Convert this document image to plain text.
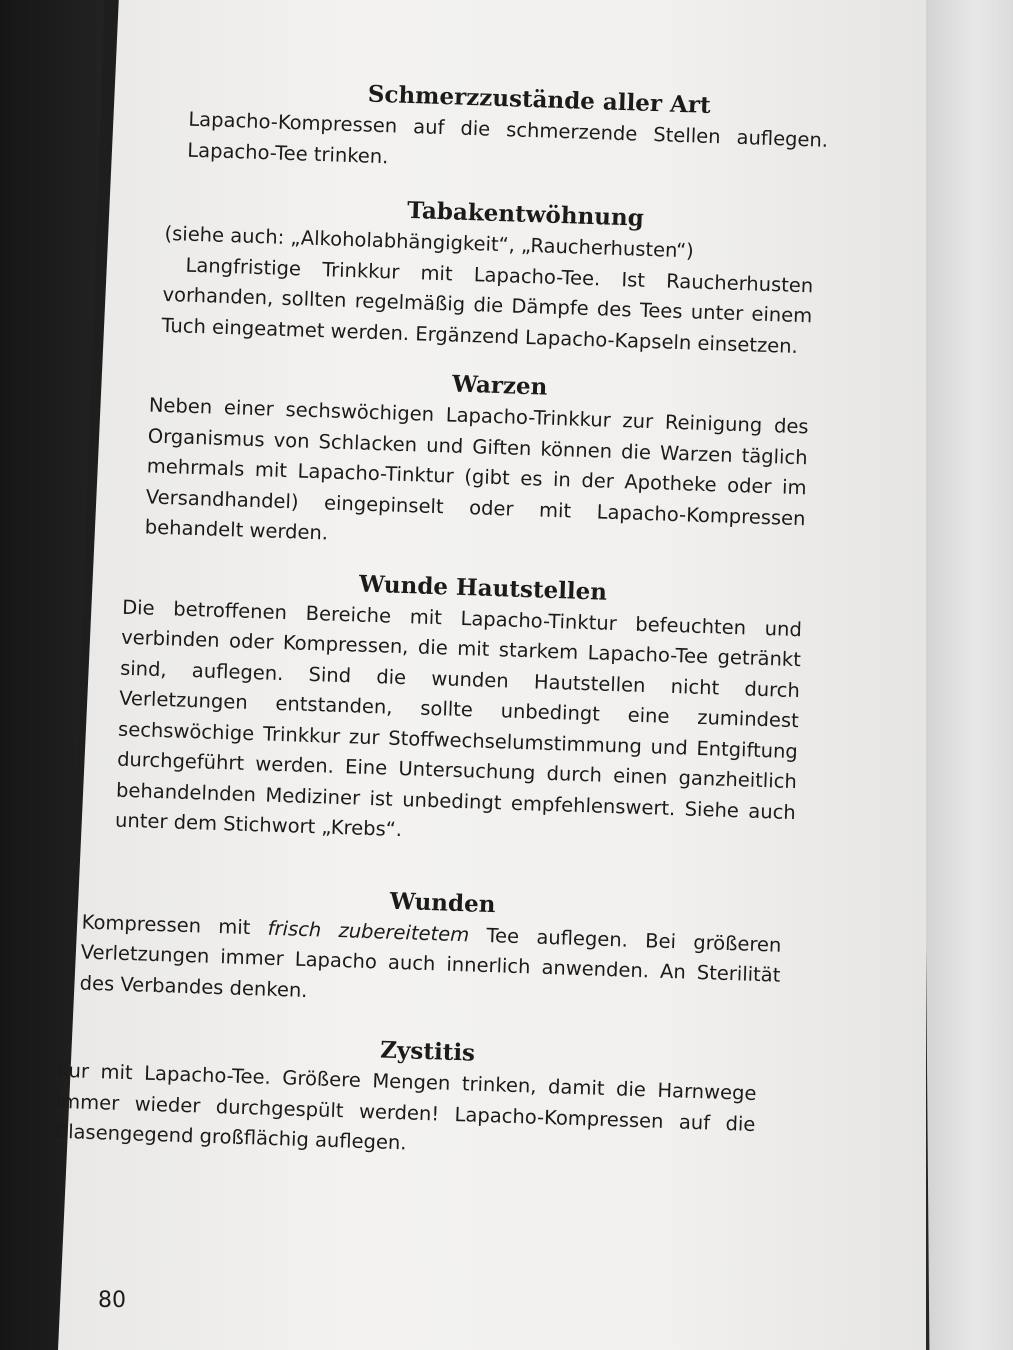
Schmerzzustände aller Art

Lapacho-Kompressen auf die schmerzende Stellen auflegen. Lapacho-Tee trinken.

Tabakentwöhnung

(siehe auch: „Alkoholabhängigkeit“, „Raucherhusten“)

Langfristige Trinkkur mit Lapacho-Tee. Ist Raucherhusten vorhanden, sollten regelmäßig die Dämpfe des Tees unter einem Tuch eingeatmet werden. Ergänzend Lapacho-Kapseln einsetzen.

Warzen

Neben einer sechswöchigen Lapacho-Trinkkur zur Reinigung des Organismus von Schlacken und Giften können die Warzen täglich mehrmals mit Lapacho-Tinktur (gibt es in der Apotheke oder im Versandhandel) eingepinselt oder mit Lapacho-Kompressen behandelt werden.

Wunde Hautstellen

Die betroffenen Bereiche mit Lapacho-Tinktur befeuchten und verbinden oder Kompressen, die mit starkem Lapacho-Tee getränkt sind, auflegen. Sind die wunden Hautstellen nicht durch Verletzungen entstanden, sollte unbedingt eine zumindest sechswöchige Trinkkur zur Stoffwechselumstimmung und Entgiftung durchgeführt werden. Eine Untersuchung durch einen ganzheitlich behandelnden Mediziner ist unbedingt empfehlenswert. Siehe auch unter dem Stichwort „Krebs“.

Wunden

Kompressen mit frisch zubereitetem Tee auflegen. Bei größeren Verletzungen immer Lapacho auch innerlich anwenden. An Sterilität des Verbandes denken.

Zystitis

Kur mit Lapacho-Tee. Größere Mengen trinken, damit die Harnwege immer wieder durchgespült werden! Lapacho-Kompressen auf die Blasengegend großflächig auflegen.

80
